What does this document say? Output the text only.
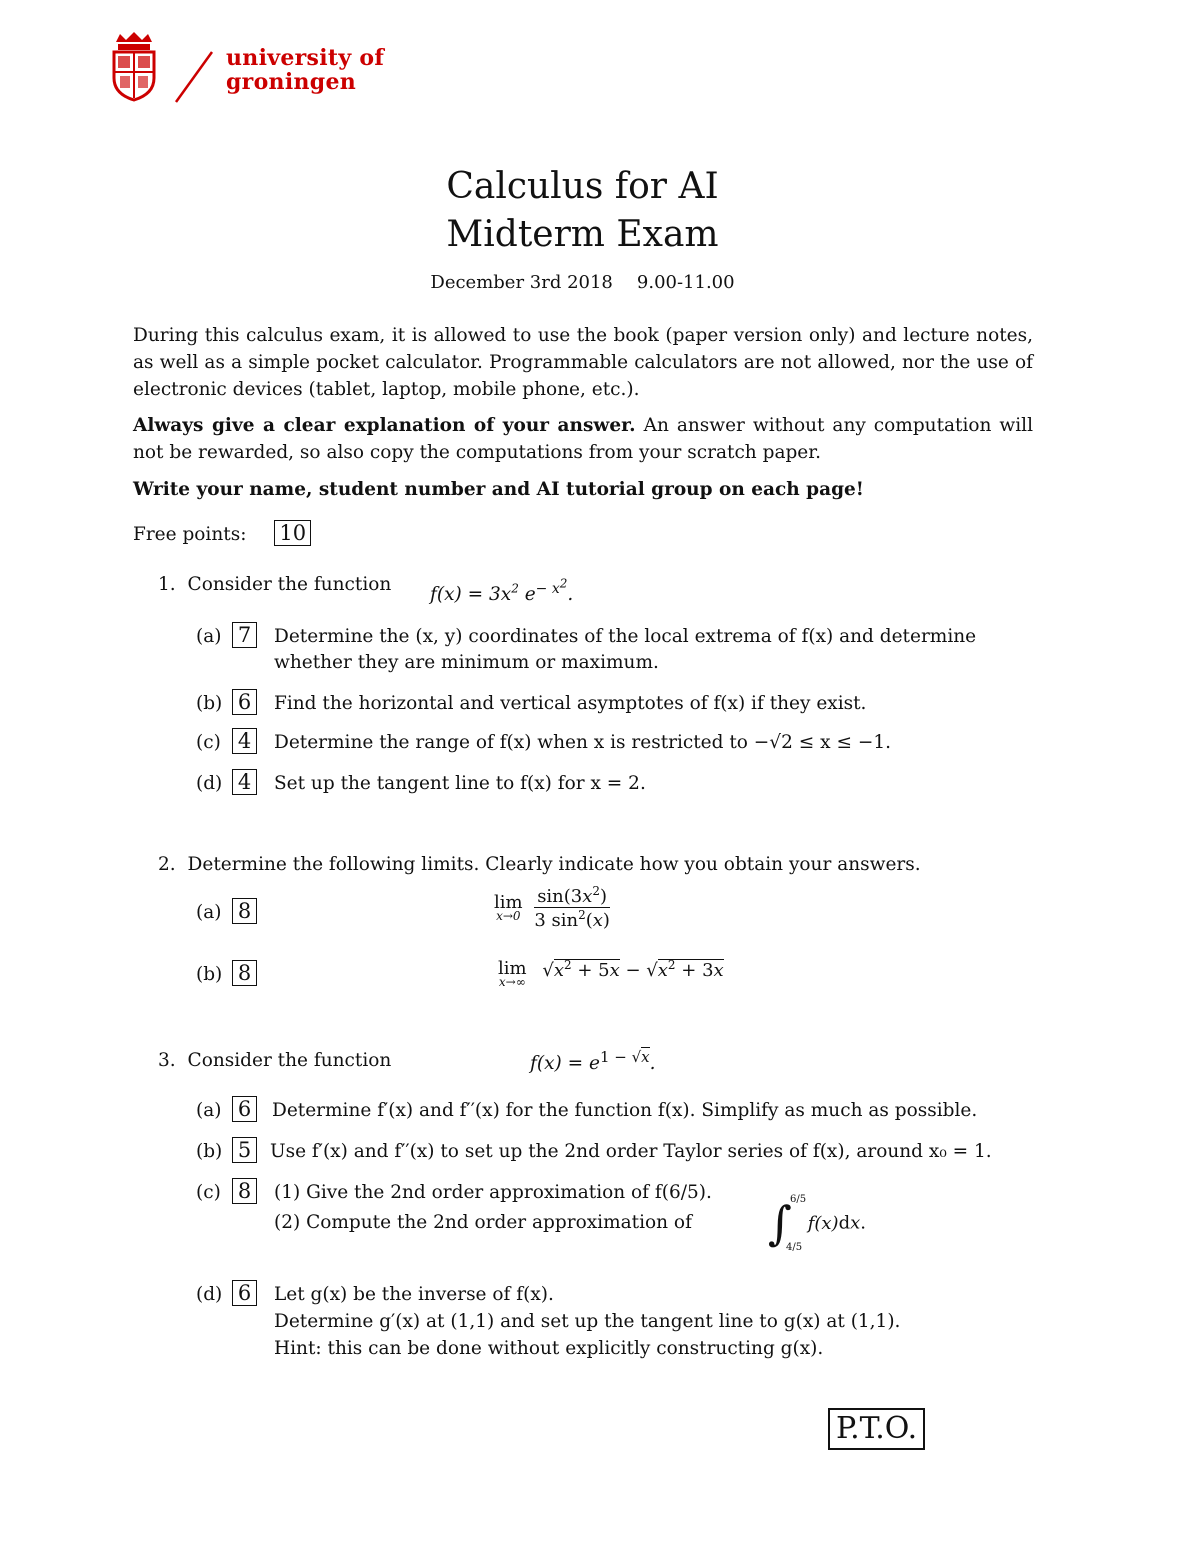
university of
groningen
Calculus for AI
Midterm Exam
December 3rd 2018 9.00-11.00
During this calculus exam, it is allowed to use the book (paper version only) and lecture notes, as well as a simple pocket calculator. Programmable calculators are not allowed, nor the use of electronic devices (tablet, laptop, mobile phone, etc.).
Always give a clear explanation of your answer. An answer without any computation will not be rewarded, so also copy the computations from your scratch paper.
Write your name, student number and AI tutorial group on each page!
Free points: 10
1. Consider the function $f(x) = 3x^2$ $e^{- x^2}$.
(a) 7	Determine the (x, y) coordinates of the local extrema of f(x) and determine
whether they are minimum or maximum.
(b) 6	Find the horizontal and vertical asymptotes of f(x) if they exist.
(c) 4	Determine the range of f(x) when x is restricted to −√2 ≤ x ≤ −1.
(d) 4	Set up the tangent line to f(x) for x = 2.
2. Determine the following limits. Clearly indicate how you obtain your answers.
(a) 8	lim
x→0
$\frac{\sin(3x^2)}{3 \sin^2(x)}$
(b) 8	lim
x→∞
$√x^2 + 5x - √x^2 + 3x$
3. Consider the function	$f(x) = e^{1 - √x}$.
(a) 6	Determine f′(x) and f′′(x) for the function f(x). Simplify as much as possible.
(b) 5	Use f′(x) and f′′(x) to set up the 2nd order Taylor series of f(x), around x₀ = 1.
(c) 8	(1) Give the 2nd order approximation of f(6/5).
(2) Compute the 2nd order approximation of	∫
6/5
4/5
f(x)dx.
(d) 6	Let g(x) be the inverse of f(x).
Determine g′(x) at (1,1) and set up the tangent line to g(x) at (1,1).
Hint: this can be done without explicitly constructing g(x).
P.T.O.
